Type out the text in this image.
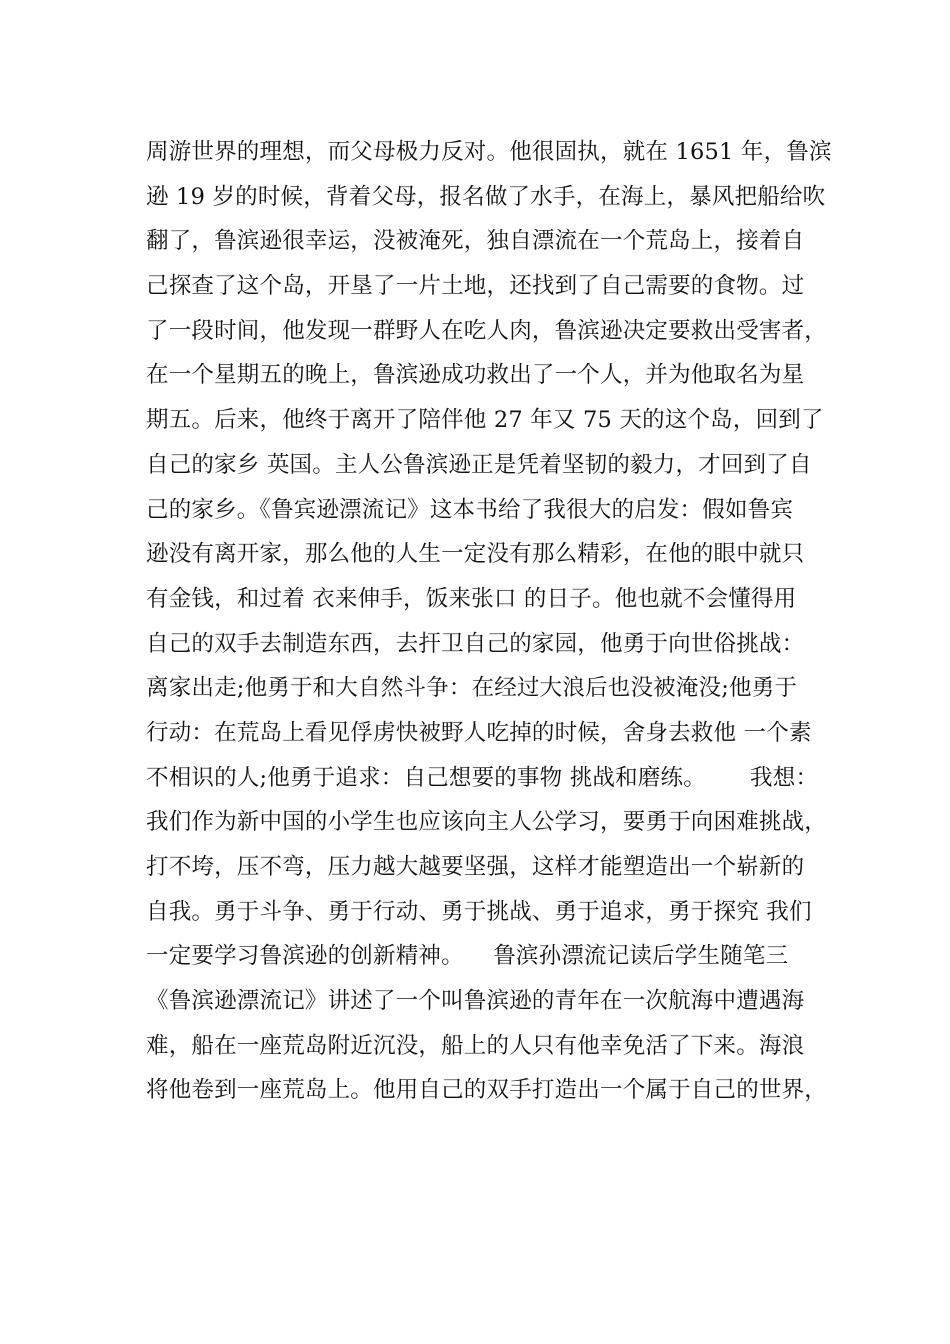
周游世界的理想，而父母极力反对。他很固执，就在 1651 年，鲁滨
逊 19 岁的时候，背着父母，报名做了水手，在海上，暴风把船给吹
翻了，鲁滨逊很幸运，没被淹死，独自漂流在一个荒岛上，接着自
己探查了这个岛，开垦了一片土地，还找到了自己需要的食物。过
了一段时间，他发现一群野人在吃人肉，鲁滨逊决定要救出受害者，
在一个星期五的晚上，鲁滨逊成功救出了一个人，并为他取名为星
期五。后来，他终于离开了陪伴他 27 年又 75 天的这个岛，回到了
自己的家乡 英国。主人公鲁滨逊正是凭着坚韧的毅力，才回到了自
己的家乡。《鲁宾逊漂流记》这本书给了我很大的启发：假如鲁宾
逊没有离开家，那么他的人生一定没有那么精彩，在他的眼中就只
有金钱，和过着 衣来伸手，饭来张口 的日子。他也就不会懂得用
自己的双手去制造东西，去扞卫自己的家园，他勇于向世俗挑战：
离家出走;他勇于和大自然斗争：在经过大浪后也没被淹没;他勇于
行动：在荒岛上看见俘虏快被野人吃掉的时候，舍身去救他 一个素
不相识的人;他勇于追求：自己想要的事物 挑战和磨练。      我想：
我们作为新中国的小学生也应该向主人公学习，要勇于向困难挑战，
打不垮，压不弯，压力越大越要坚强，这样才能塑造出一个崭新的
自我。勇于斗争、勇于行动、勇于挑战、勇于追求，勇于探究 我们
一定要学习鲁滨逊的创新精神。    鲁滨孙漂流记读后学生随笔三
《鲁滨逊漂流记》讲述了一个叫鲁滨逊的青年在一次航海中遭遇海
难，船在一座荒岛附近沉没，船上的人只有他幸免活了下来。海浪
将他卷到一座荒岛上。他用自己的双手打造出一个属于自己的世界，
